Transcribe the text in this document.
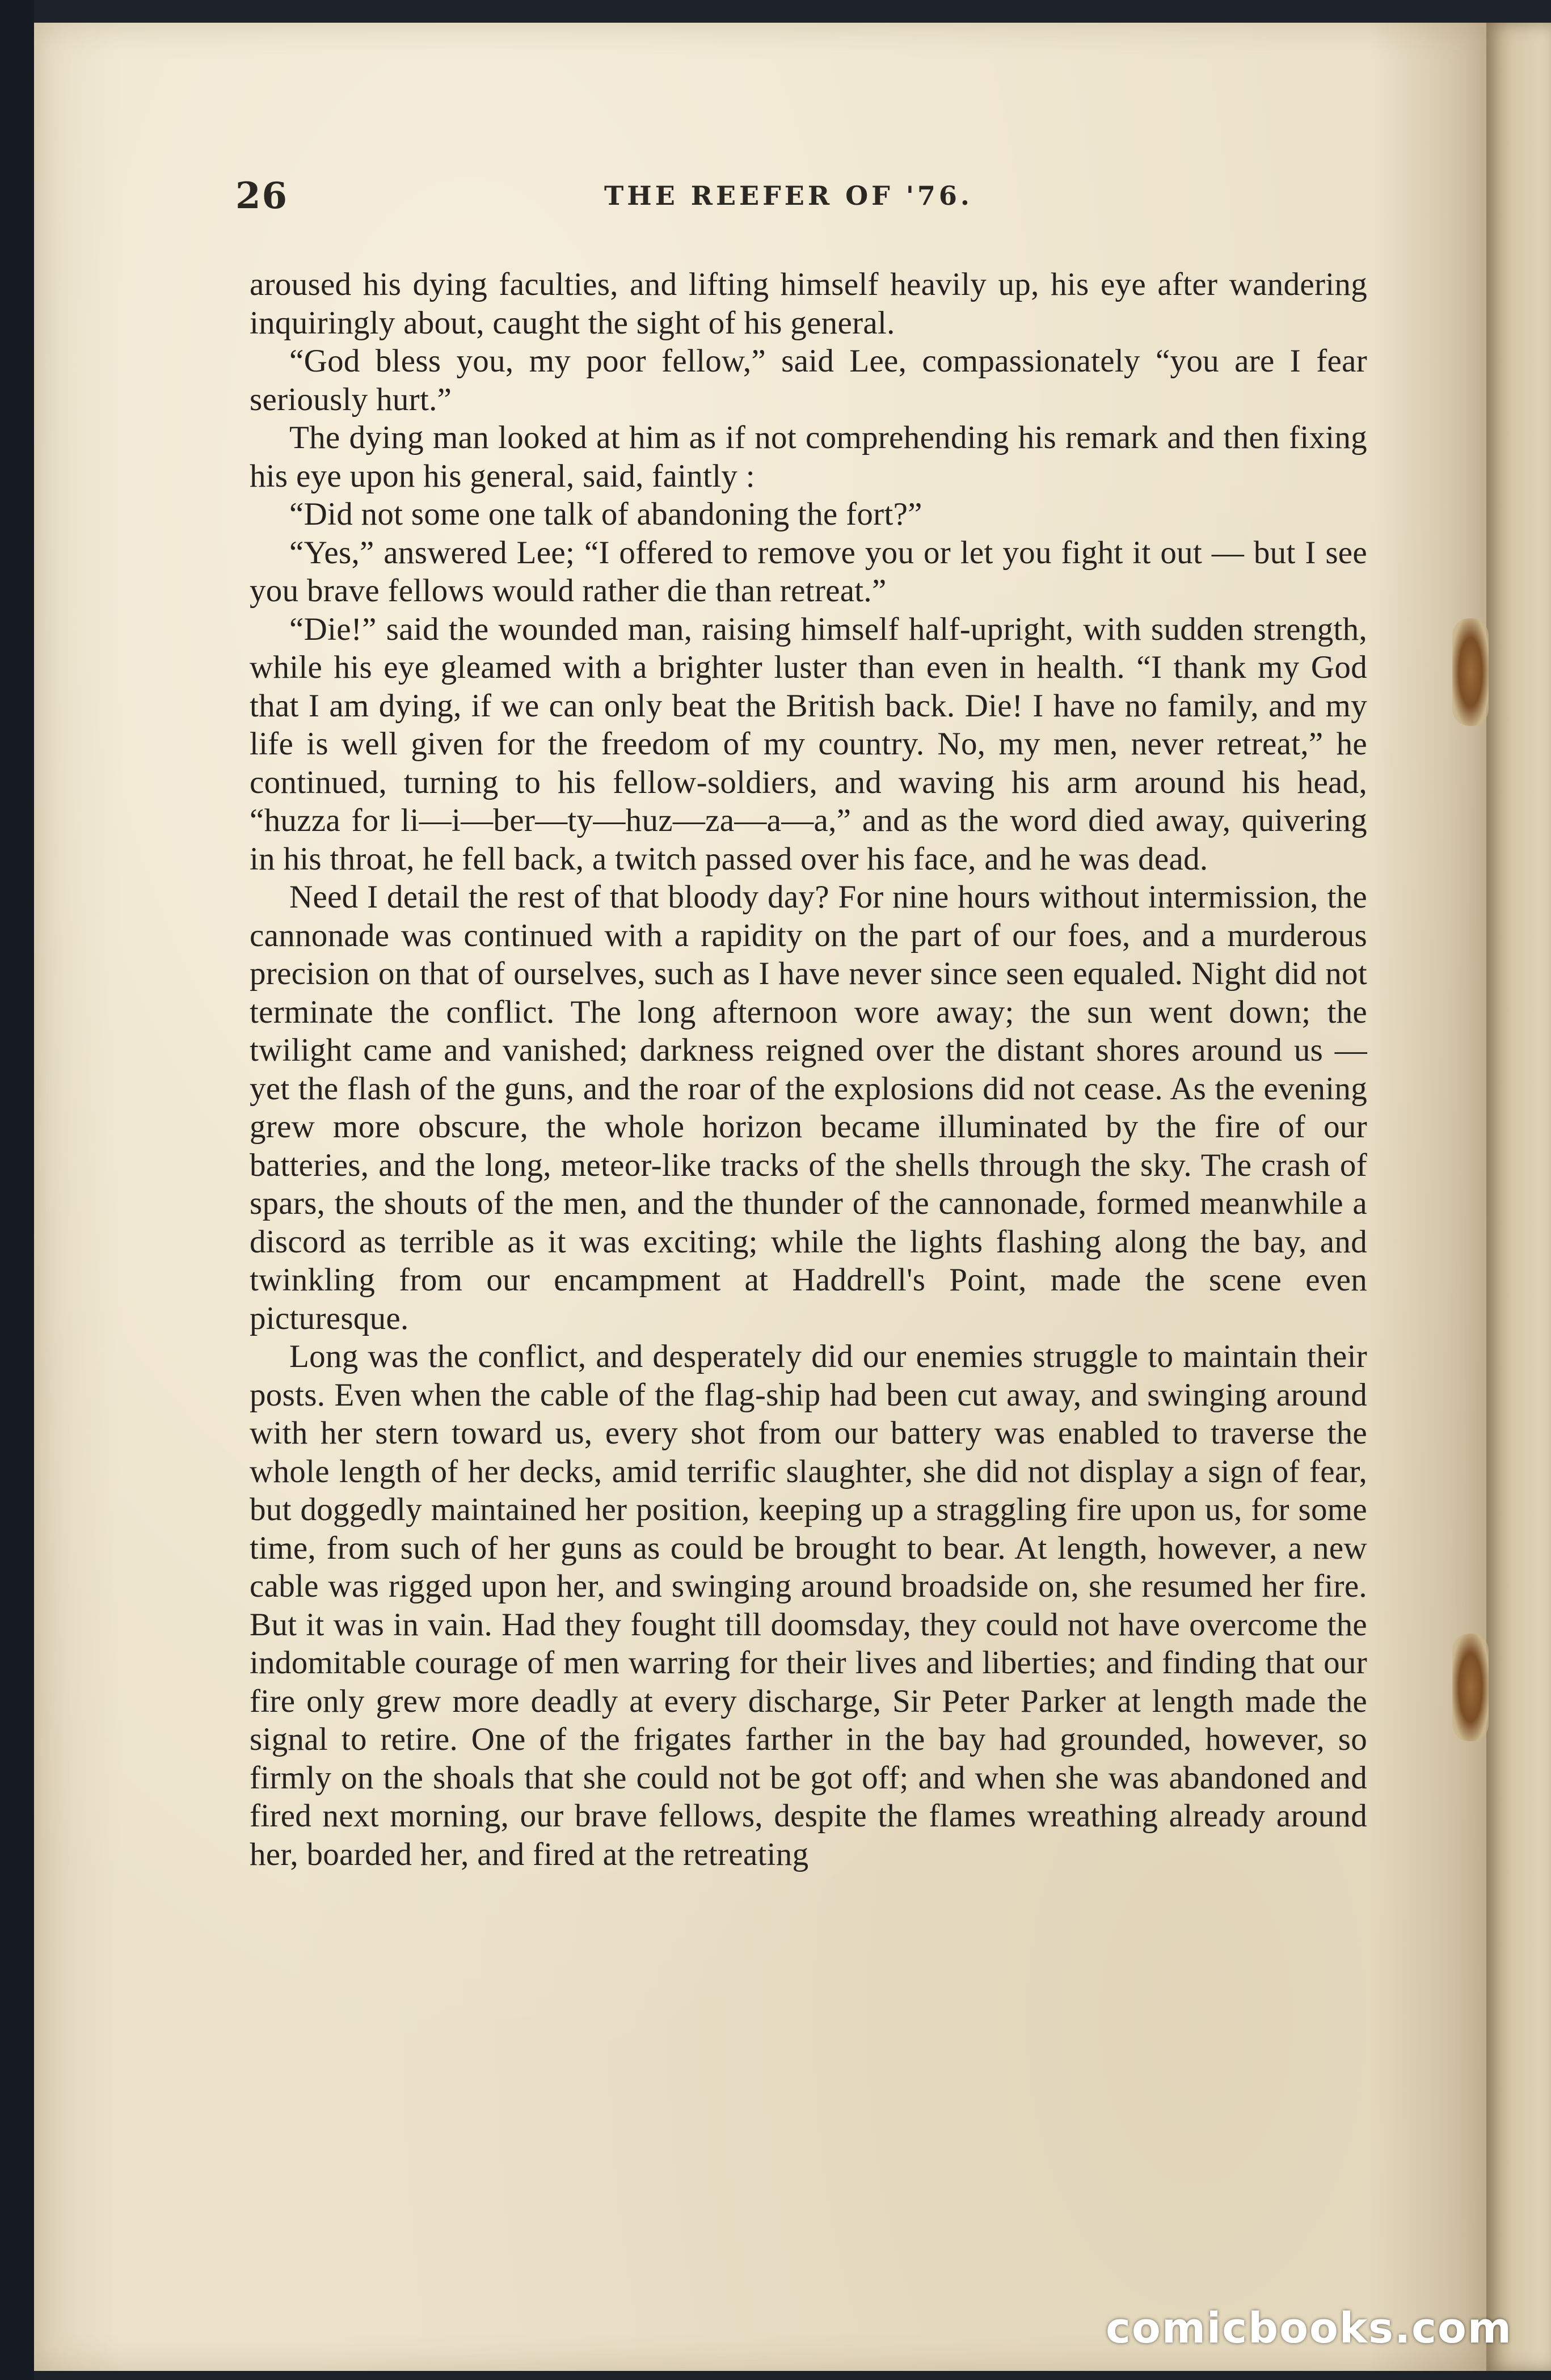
26	THE REEFER OF '76.

aroused his dying faculties, and lifting himself heavily up, his eye after wandering inquiringly about, caught the sight of his general.

“God bless you, my poor fellow,” said Lee, compassionately “you are I fear seriously hurt.”

The dying man looked at him as if not comprehending his remark and then fixing his eye upon his general, said, faintly :

“Did not some one talk of abandoning the fort?”

“Yes,” answered Lee; “I offered to remove you or let you fight it out — but I see you brave fellows would rather die than retreat.”

“Die!” said the wounded man, raising himself half-upright, with sudden strength, while his eye gleamed with a brighter luster than even in health. “I thank my God that I am dying, if we can only beat the British back. Die! I have no family, and my life is well given for the freedom of my country. No, my men, never retreat,” he continued, turning to his fellow-soldiers, and waving his arm around his head, “huzza for li—i—ber—ty—huz—za—a—a,” and as the word died away, quivering in his throat, he fell back, a twitch passed over his face, and he was dead.

Need I detail the rest of that bloody day? For nine hours without intermission, the cannonade was continued with a rapidity on the part of our foes, and a murderous precision on that of ourselves, such as I have never since seen equaled. Night did not terminate the conflict. The long afternoon wore away; the sun went down; the twilight came and vanished; darkness reigned over the distant shores around us — yet the flash of the guns, and the roar of the explosions did not cease. As the evening grew more obscure, the whole horizon became illuminated by the fire of our batteries, and the long, meteor-like tracks of the shells through the sky. The crash of spars, the shouts of the men, and the thunder of the cannonade, formed meanwhile a discord as terrible as it was exciting; while the lights flashing along the bay, and twinkling from our encampment at Haddrell's Point, made the scene even picturesque.

Long was the conflict, and desperately did our enemies struggle to maintain their posts. Even when the cable of the flag-ship had been cut away, and swinging around with her stern toward us, every shot from our battery was enabled to traverse the whole length of her decks, amid terrific slaughter, she did not display a sign of fear, but doggedly maintained her position, keeping up a straggling fire upon us, for some time, from such of her guns as could be brought to bear. At length, however, a new cable was rigged upon her, and swinging around broadside on, she resumed her fire. But it was in vain. Had they fought till doomsday, they could not have overcome the indomitable courage of men warring for their lives and liberties; and finding that our fire only grew more deadly at every discharge, Sir Peter Parker at length made the signal to retire. One of the frigates farther in the bay had grounded, however, so firmly on the shoals that she could not be got off; and when she was abandoned and fired next morning, our brave fellows, despite the flames wreathing already around her, boarded her, and fired at the retreating

comicbooks.com
